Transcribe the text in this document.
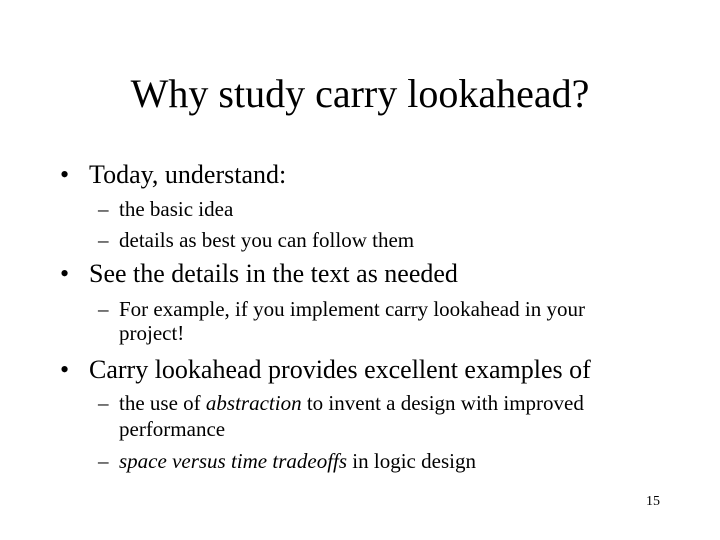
Why study carry lookahead?
• Today, understand:
– the basic idea
– details as best you can follow them
• See the details in the text as needed
– For example, if you implement carry lookahead in your
project!
• Carry lookahead provides excellent examples of
– the use of abstraction to invent a design with improved
performance
– space versus time tradeoffs in logic design
15
